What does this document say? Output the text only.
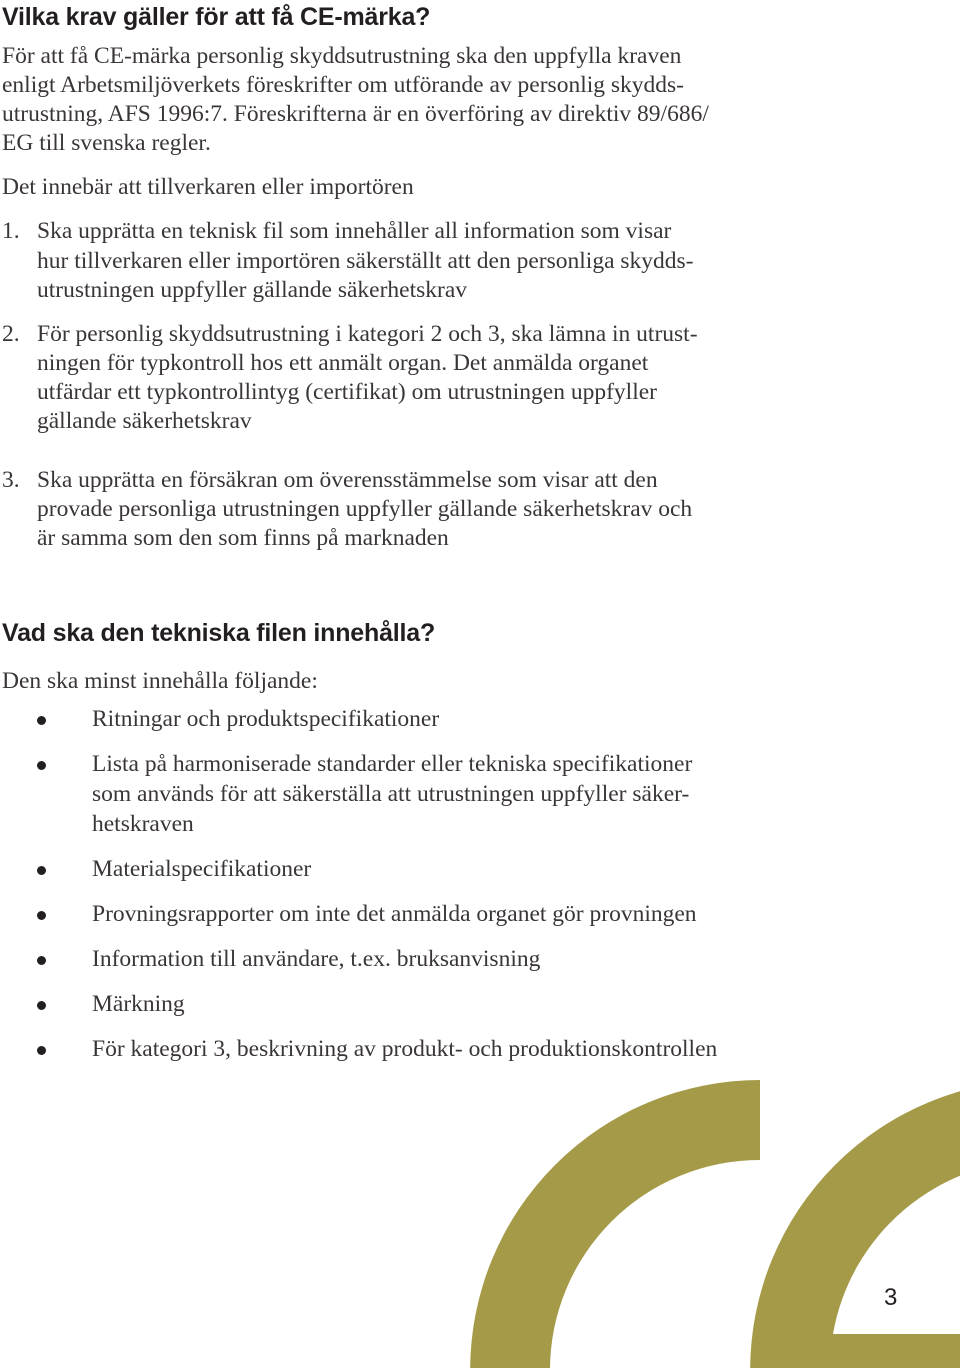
Vilka krav gäller för att få CE-märka?

För att få CE-märka personlig skyddsutrustning ska den uppfylla kraven

enligt Arbetsmiljöverkets föreskrifter om utförande av personlig skydds-

utrustning, AFS 1996:7. Föreskrifterna är en överföring av direktiv 89/686/

EG till svenska regler.

Det innebär att tillverkaren eller importören

1. Ska upprätta en teknisk fil som innehåller all information som visar

hur tillverkaren eller importören säkerställt att den personliga skydds-

utrustningen uppfyller gällande säkerhetskrav

2. För personlig skyddsutrustning i kategori 2 och 3, ska lämna in utrust-

ningen för typkontroll hos ett anmält organ. Det anmälda organet

utfärdar ett typkontrollintyg (certifikat) om utrustningen uppfyller

gällande säkerhetskrav

3. Ska upprätta en försäkran om överensstämmelse som visar att den

provade personliga utrustningen uppfyller gällande säkerhetskrav och

är samma som den som finns på marknaden

Vad ska den tekniska filen innehålla?

Den ska minst innehålla följande:

Ritningar och produktspecifikationer

Lista på harmoniserade standarder eller tekniska specifikationer

som används för att säkerställa att utrustningen uppfyller säker-

hetskraven

Materialspecifikationer

Provningsrapporter om inte det anmälda organet gör provningen

Information till användare, t.ex. bruksanvisning

Märkning

För kategori 3, beskrivning av produkt- och produktionskontrollen

3
